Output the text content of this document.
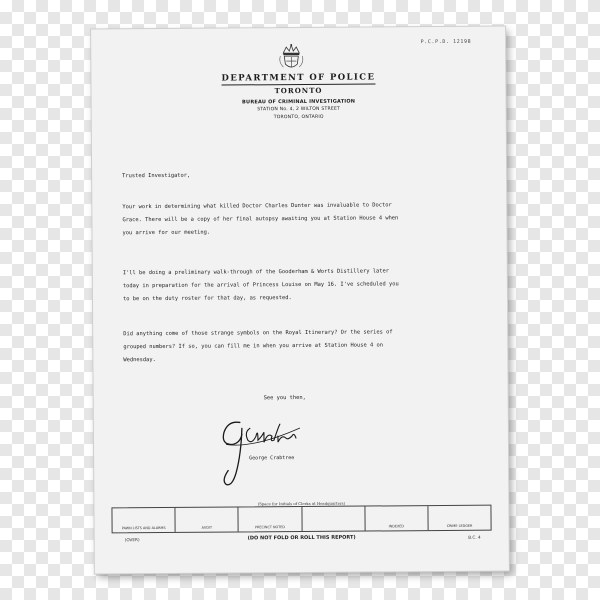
P.C.P.D. 12198
DEPARTMENT OF POLICE
TORONTO
BUREAU OF CRIMINAL INVESTIGATION
STATION No. 4, 2 WILTON STREET
TORONTO, ONTARIO
Trusted Investigator,
Your work in determining what killed Doctor Charles Dunter was invaluable to Doctor
Grace. There will be a copy of her final autopsy awaiting you at Station House 4 when
you arrive for our meeting.
I'll be doing a preliminary walk-through of the Gooderham & Worts Distillery later
today in preparation for the arrival of Princess Louise on May 16. I've scheduled you
to be on the duty roster for that day, as requested.
Did anything come of those strange symbols on the Royal Itinerary? Or the series of
grouped numbers? If so, you can fill me in when you arrive at Station House 4 on
Wednesday.
See you then,
George Crabtree
(Space for Initials of Clerks at Headquarters)
PAWN LISTS AND ALARMS	AUDIT	PRECINCT NOTED	INDEXED	CRIME LEDGER
(OVER)	(DO NOT FOLD OR ROLL THIS REPORT)	B.C. 4
